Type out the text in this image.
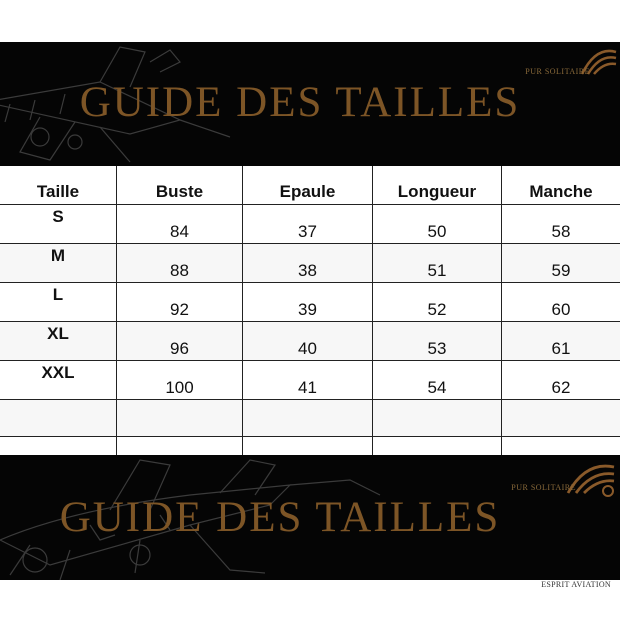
PUR SOLITAIRE
GUIDE DES TAILLES
Taille	Buste	Epaule	Longueur	Manche
S	84	37	50	58
M	88	38	51	59
L	92	39	52	60
XL	96	40	53	61
XXL	100	41	54	62

PUR SOLITAIRE
GUIDE DES TAILLES
ESPRIT AVIATION
